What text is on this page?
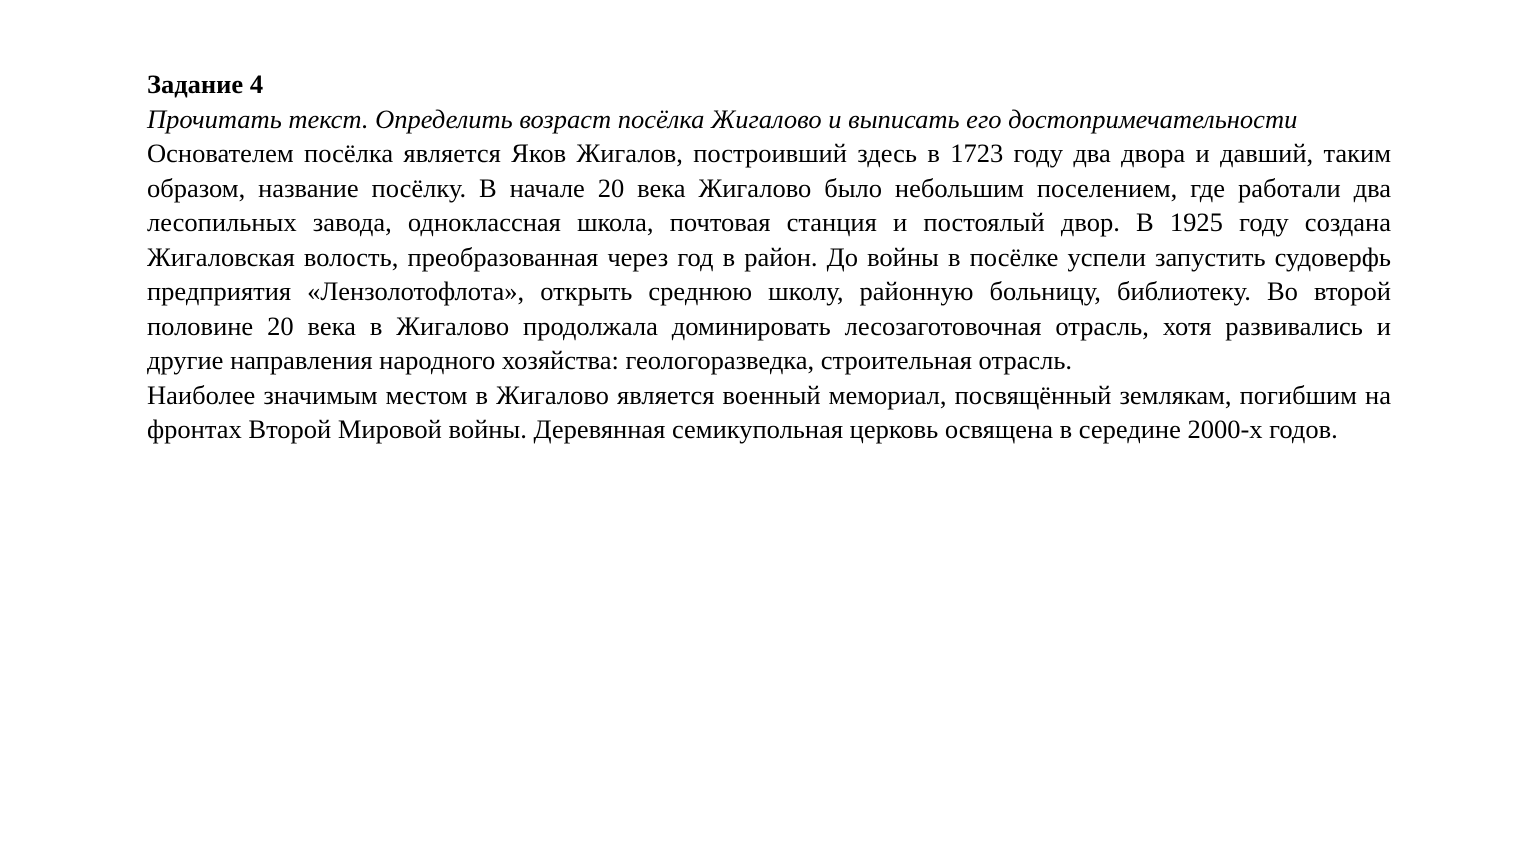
Задание 4

Прочитать текст. Определить возраст посёлка Жигалово и выписать его достопримечательности

Основателем посёлка является Яков Жигалов, построивший здесь в 1723 году два двора и давший, таким образом, название посёлку. В начале 20 века Жигалово было небольшим поселением, где работали два лесопильных завода, одноклассная школа, почтовая станция и постоялый двор. В 1925 году создана Жигаловская волость, преобразованная через год в район. До войны в посёлке успели запустить судоверфь предприятия «Лензолотофлота», открыть среднюю школу, районную больницу, библиотеку. Во второй половине 20 века в Жигалово продолжала доминировать лесозаготовочная отрасль, хотя развивались и другие направления народного хозяйства: геологоразведка, строительная отрасль.

Наиболее значимым местом в Жигалово является военный мемориал, посвящённый землякам, погибшим на фронтах Второй Мировой войны. Деревянная семикупольная церковь освящена в середине 2000-х годов.
